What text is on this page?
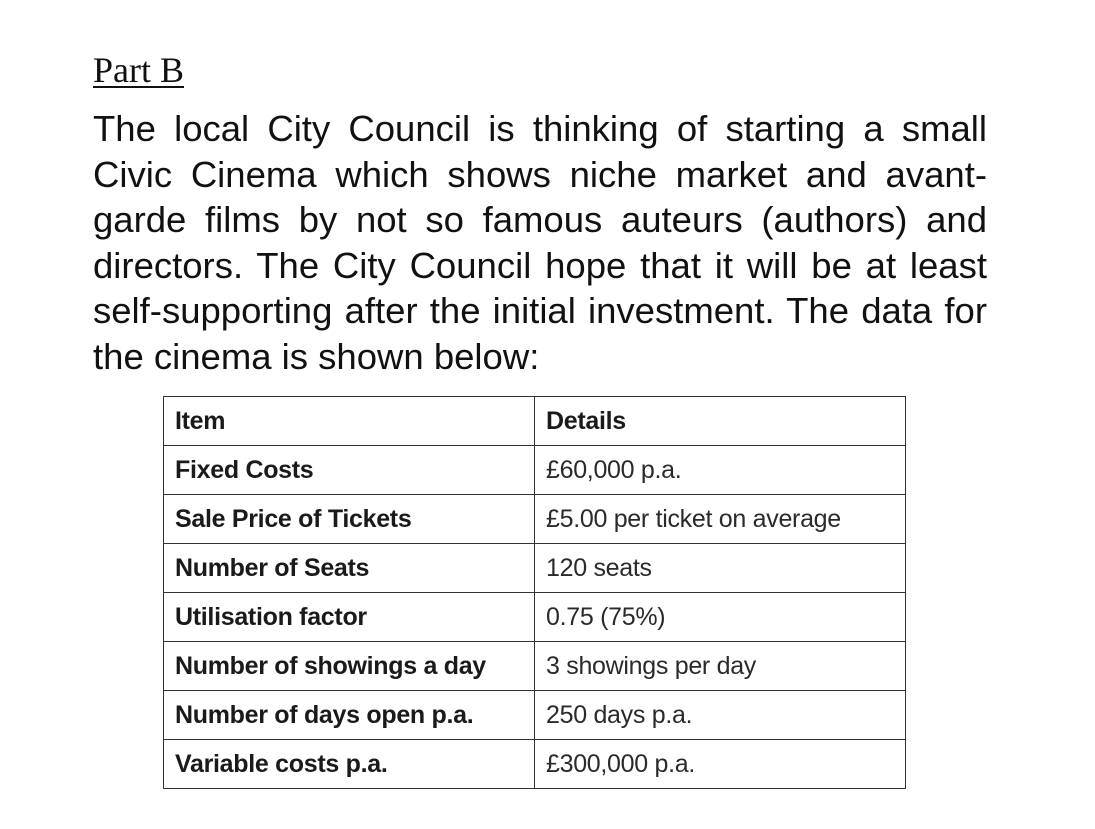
Part B

The local City Council is thinking of starting a small Civic Cinema which shows niche market and avant-garde films by not so famous auteurs (authors) and directors. The City Council hope that it will be at least self-supporting after the initial investment. The data for the cinema is shown below:

Item	Details
Fixed Costs	£60,000 p.a.
Sale Price of Tickets	£5.00 per ticket on average
Number of Seats	120 seats
Utilisation factor	0.75 (75%)
Number of showings a day	3 showings per day
Number of days open p.a.	250 days p.a.
Variable costs p.a.	£300,000 p.a.
